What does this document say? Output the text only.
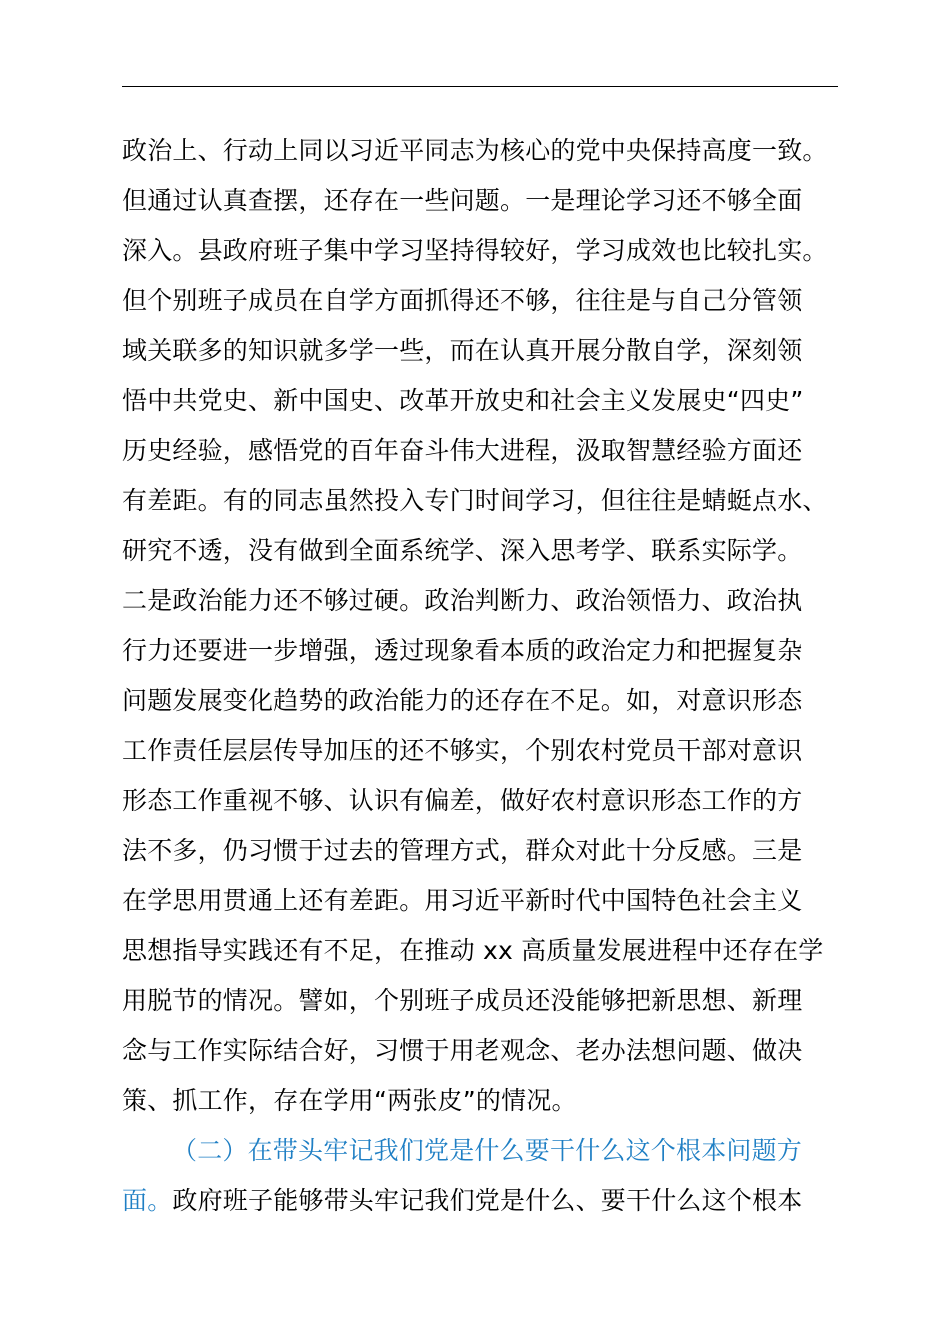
政治上、行动上同以习近平同志为核心的党中央保持高度一致。
但通过认真查摆，还存在一些问题。一是理论学习还不够全面
深入。县政府班子集中学习坚持得较好，学习成效也比较扎实。
但个别班子成员在自学方面抓得还不够，往往是与自己分管领
域关联多的知识就多学一些，而在认真开展分散自学，深刻领
悟中共党史、新中国史、改革开放史和社会主义发展史“四史”
历史经验，感悟党的百年奋斗伟大进程，汲取智慧经验方面还
有差距。有的同志虽然投入专门时间学习，但往往是蜻蜓点水、
研究不透，没有做到全面系统学、深入思考学、联系实际学。
二是政治能力还不够过硬。政治判断力、政治领悟力、政治执
行力还要进一步增强，透过现象看本质的政治定力和把握复杂
问题发展变化趋势的政治能力的还存在不足。如，对意识形态
工作责任层层传导加压的还不够实，个别农村党员干部对意识
形态工作重视不够、认识有偏差，做好农村意识形态工作的方
法不多，仍习惯于过去的管理方式，群众对此十分反感。三是
在学思用贯通上还有差距。用习近平新时代中国特色社会主义
思想指导实践还有不足，在推动 xx 高质量发展进程中还存在学
用脱节的情况。譬如，个别班子成员还没能够把新思想、新理
念与工作实际结合好，习惯于用老观念、老办法想问题、做决
策、抓工作，存在学用“两张皮”的情况。
（二）在带头牢记我们党是什么要干什么这个根本问题方
面。政府班子能够带头牢记我们党是什么、要干什么这个根本
